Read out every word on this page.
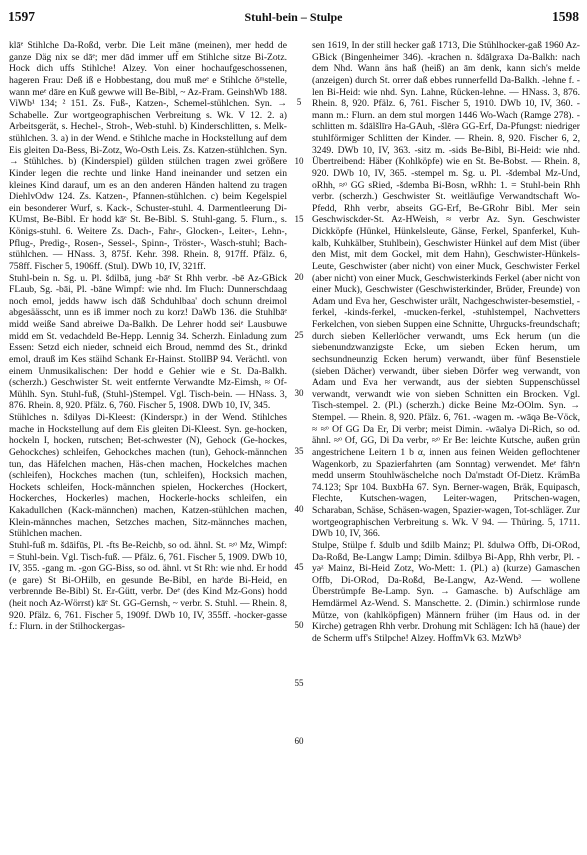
1597	Stuhl-bein – Stulpe	1598

klāᵉ Stihlche Da-Roßd, verbr. Die Leit māne (meinen), mer hedd de ganze Däg nix se dāᵉ; mer dād immer uff̆ em Stihlche sitze Bi-Zotz. Hock dich uffs Stihlche! Alzey. Von einer hochaufgeschossenen, hageren Frau: Deß iß e Hobbestang, dou muß meᵉ e Stihlche ŏᵐstelle, wann meᵉ dāre en Kuß gewwe will Be-Bibl, ~ Az-Fram. GeinshWb 188. ViWb¹ 134; ² 151. Zs. Fuß-, Katzen-, Schemel-stühlchen. Syn. → Schabelle. Zur wortgeographischen Verbreitung s. Wk. V 12. 2. a) Arbeitsgerät, s. Hechel-, Stroh-, Web-stuhl. b) Kinderschlitten, s. Melk-stühlchen. 3. a) in der Wend. e Stihlche mache in Hockstellung auf dem Eis gleiten Da-Bess, Bi-Zotz, Wo-Osth Leis. Zs. Katzen-stühlchen. Syn. → Stühlches. b) (Kinderspiel) gülden stülchen tragen zwei größere Kinder legen die rechte und linke Hand ineinander und setzen ein kleines Kind darauf, um es an den anderen Händen haltend zu tragen DiehlvOdw 124. Zs. Katzen-, Pfannen-stühlchen. c) beim Kegelspiel ein besonderer Wurf, s. Kack-, Schuster-stuhl. 4. Darmentleerung Di-KUmst, Be-Bibl. Er hodd kāᵉ St. Be-Bibl. S. Stuhl-gang. 5. Flurn., s. Königs-stuhl. 6. Weitere Zs. Dach-, Fahr-, Glocken-, Leiter-, Lehn-, Pflug-, Predig-, Rosen-, Sessel-, Spinn-, Tröster-, Wasch-stuhl; Bach-stühlchen. — HNass. 3, 875f. Kehr. 398. Rhein. 8, 917ff. Pfälz. 6, 758ff. Fischer 5, 1906ff. (Stul). DWb 10, IV, 321ff.

Stuhl-bein n. Sg. u. Pl. šdilbā, jung -bāᵉ St Rhh verbr. -bē Az-GBick FLaub, Sg. -bāi, Pl. -bāne Wimpf: wie nhd. Im Fluch: Dunnerschdaag noch emol, jedds haww isch dāß Schduhlbaa' doch schunn dreimol abgesäässcht, unn es iß immer noch zu korz! DaWb 136. die Stuhlbāᵉ midd weiße Sand abreiwe Da-Balkh. De Lehrer hodd seiᵉ Lausbuwe midd em St. vedachdeld Be-Hepp. Lennig 34. Scherzh. Einladung zum Essen: Setzd eich nieder, schneid eich Broud, nemmd des St., drinkd emol, drauß im Kes stäihd Schank Er-Hainst. StollBP 94. Verächtl. von einem Unmusikalischen: Der hodd e Gehier wie e St. Da-Balkh. (scherzh.) Geschwister St. weit entfernte Verwandte Mz-Eimsh, ≈ Of-Mühlh. Syn. Stuhl-fuß, (Stuhl-)Stempel. Vgl. Tisch-bein. — HNass. 3, 876. Rhein. 8, 920. Pfälz. 6, 760. Fischer 5, 1908. DWb 10, IV, 345.

Stühlches n. šdilyəs Di-Kleest: (Kinderspr.) in der Wend. Stihlches mache in Hockstellung auf dem Eis gleiten Di-Kleest. Syn. ge-hocken, hockeln I, hocken, rutschen; Bet-schwester (N), Gehock (Ge-hockes, Gehockches) schleifen, Gehockches machen (tun), Gehock-männchen tun, das Häfelchen machen, Häs-chen machen, Hockelches machen (schleifen), Hockches machen (tun, schleifen), Hocksich machen, Hockets schleifen, Hock-männchen spielen, Hockerches (Hockert, Hockerches, Hockerles) machen, Hockerle-hocks schleifen, ein Kakadullchen (Kack-männchen) machen, Katzen-stühlchen machen, Klein-männches machen, Setzches machen, Sitz-männches machen, Stühlchen machen.

Stuhl-fuß m. šdāifūs, Pl. -fts Be-Reichb, so od. ähnl. St. ≈ᵒ Mz, Wimpf: = Stuhl-bein. Vgl. Tisch-fuß. — Pfälz. 6, 761. Fischer 5, 1909. DWb 10, IV, 355. -gang m. -gon GG-Biss, so od. ähnl. vt St Rh: wie nhd. Er hodd (e gare) St Bi-OHilb, en gesunde Be-Bibl, en haᵉde Bi-Heid, en verbrennde Be-Bibl) St. Er-Gütt, verbr. Deᵉ (des Kind Mz-Gons) hodd (heit noch Az-Wörrst) kāᵉ St. GG-Gernsh, ~ verbr. S. Stuhl. — Rhein. 8, 920. Pfälz. 6, 761. Fischer 5, 1909f. DWb 10, IV, 355ff. -hocker-gasse f.: Flurn. in der Stilhockergas-

5
10
15
20
25
30
35
40
45
50
55
60

sen 1619, In der still hecker gaß 1713, Die Stühlhocker-gaß 1960 Az-GBick (Bingenheimer 346). -krachen n. šdālgraxə Da-Balkh: nach dem Nhd. Wann äns haß (heiß) an ām denk, kann sich's melde (anzeigen) durch St. orrer daß ebbes runnerfelld Da-Balkh. -lehne f. -len Bi-Heid: wie nhd. Syn. Lahne, Rücken-lehne. — HNass. 3, 876. Rhein. 8, 920. Pfälz. 6, 761. Fischer 5, 1910. DWb 10, IV, 360. -mann m.: Flurn. an dem stul morgen 1446 Wo-Wach (Ramge 278). -schlitten m. šdālšlīrə Ha-GAuh, -šlērə GG-Erf, Da-Pfungst: niedriger stuhlförmiger Schlitten der Kinder. — Rhein. 8, 920. Fischer 6, 2, 3249. DWb 10, IV, 363. -sitz m. -sids Be-Bibl, Bi-Heid: wie nhd. Übertreibend: Häber (Kohlköpfe) wie en St. Be-Bobst. — Rhein. 8, 920. DWb 10, IV, 365. -stempel m. Sg. u. Pl. -šdembəl Mz-Und, oRhh, ≈ᵒ GG sRied, -šdemba Bi-Bosn, wRhh: 1. = Stuhl-bein Rhh verbr. (scherzh.) Geschwister St. weitläufige Verwandtschaft Wo-Pfedd, Rhh verbr, abseits GG-Erf, Be-GRohr Bibl. Mer sein Geschwisckder-St. Az-HWeish, ≈ verbr Az. Syn. Geschwister Dickköpfe (Hünkel, Hünkelsleute, Gänse, Ferkel, Spanferkel, Kuh-kalb, Kuhkälber, Stuhlbein), Geschwister Hünkel auf dem Mist (über den Mist, mit dem Gockel, mit dem Hahn), Geschwister-Hünkels-Leute, Geschwister (aber nicht) von einer Muck, Geschwister Ferkel (aber nicht) von einer Muck, Geschwisterkinds Ferkel (aber nicht von einer Muck), Geschwister (Geschwisterkinder, Brüder, Freunde) von Adam und Eva her, Geschwister urält, Nachgeschwister-besemstiel, -ferkel, -kinds-ferkel, -mucken-ferkel, -stuhlstempel, Nachvetters Ferkelchen, von sieben Suppen eine Schnitte, Uhrgucks-freundschaft; durch sieben Kellerlöcher verwandt, ums Eck herum (un die siebenundzwanzigste Ecke, um sieben Ecken herum, um sechsundneunzig Ecken herum) verwandt, über fünf Besenstiele (sieben Dächer) verwandt, über sieben Dörfer weg verwandt, von Adam und Eva her verwandt, aus der siebten Suppenschüssel verwandt, verwandt wie von sieben Schnitten ein Brocken. Vgl. Tisch-stempel. 2. (Pl.) (scherzh.) dicke Beine Mz-OOlm. Syn. → Stempel. — Rhein. 8, 920. Pfälz. 6, 761. -wagen m. -wāqə Be-Vöck, ≈ ≈ᵒ Of GG Da Er, Di verbr; meist Dimin. -wāəlyə Di-Rich, so od. ähnl. ≈ᵒ Of, GG, Di Da verbr, ≈ᵒ Er Be: leichte Kutsche, außen grün angestrichene Leitern 1 b α, innen aus feinen Weiden geflochtener Wagenkorb, zu Spazierfahrten (am Sonntag) verwendet. Meᵉ fāhᵉn medd unserm Stouhlwäschelche noch Da'mstadt Of-Dietz. KrämBa 74.123; Spr 104. BuxbHa 67. Syn. Berner-wagen, Bräk, Equipasch, Flechte, Kutschen-wagen, Leiter-wagen, Pritschen-wagen, Scharaban, Schäse, Schäsen-wagen, Spazier-wagen, Tot-schläger. Zur wortgeographischen Verbreitung s. Wk. V 94. — Thüring. 5, 1711. DWb 10, IV, 366.

Stulpe, Stülpe f. šdulb und šdilb Mainz; Pl. šdulwə Offb, Di-ORod, Da-Roßd, Be-Langw Lamp; Dimin. šdilbyə Bi-App, Rhh verbr, Pl. -yəᶻ Mainz, Bi-Heid Zotz, Wo-Mett: 1. (Pl.) a) (kurze) Gamaschen Offb, Di-ORod, Da-Roßd, Be-Langw, Az-Wend. — wollene Überstrümpfe Be-Lamp. Syn. → Gamasche. b) Aufschläge am Hemdärmel Az-Wend. S. Manschette. 2. (Dimin.) schirmlose runde Mütze, von (kahlköpfigen) Männern früher (im Haus od. in der Kirche) getragen Rhh verbr. Drohung mit Schlägen: Ich hā (haue) der de Scherm uff's Stilpche! Alzey. HoffmVk 63. MzWb³
